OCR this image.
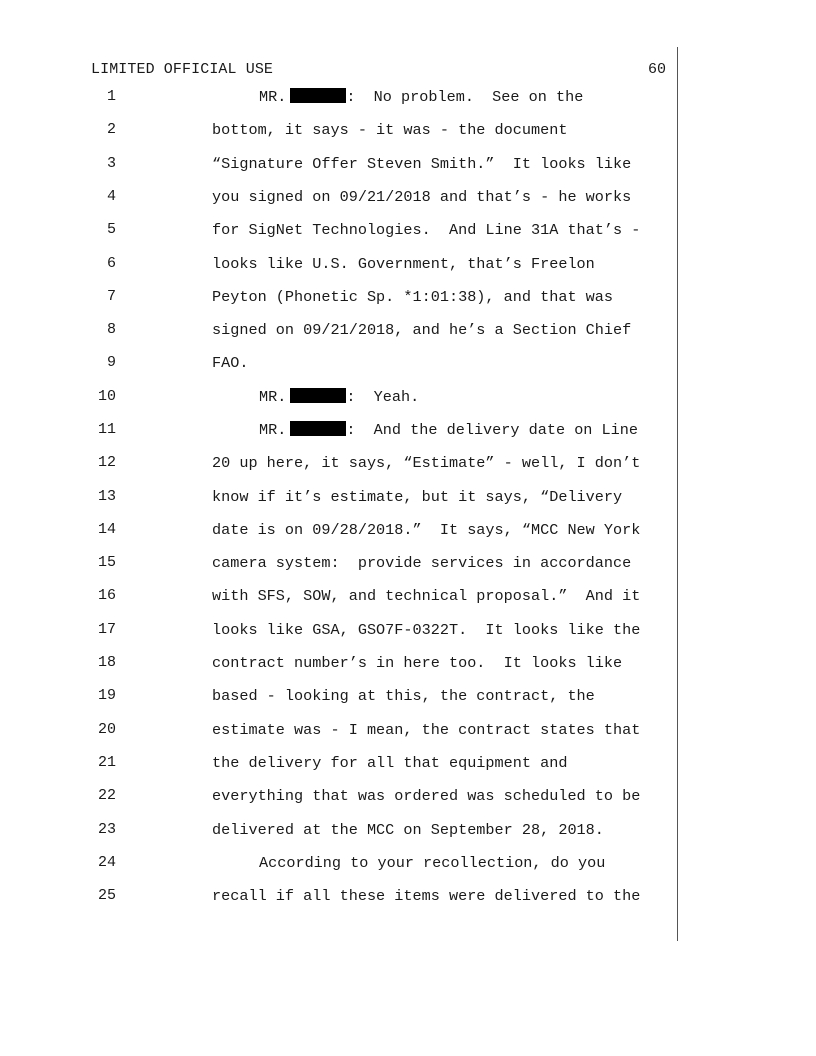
LIMITED OFFICIAL USE	60
1	MR.	:  No problem.  See on the
2	bottom, it says - it was - the document
3	“Signature Offer Steven Smith.”  It looks like
4	you signed on 09/21/2018 and that’s - he works
5	for SigNet Technologies.  And Line 31A that’s -
6	looks like U.S. Government, that’s Freelon
7	Peyton (Phonetic Sp. *1:01:38), and that was
8	signed on 09/21/2018, and he’s a Section Chief
9	FAO.
10	MR.	:  Yeah.
11	MR.	:  And the delivery date on Line
12	20 up here, it says, “Estimate” - well, I don’t
13	know if it’s estimate, but it says, “Delivery
14	date is on 09/28/2018.”  It says, “MCC New York
15	camera system:  provide services in accordance
16	with SFS, SOW, and technical proposal.”  And it
17	looks like GSA, GSO7F-0322T.  It looks like the
18	contract number’s in here too.  It looks like
19	based - looking at this, the contract, the
20	estimate was - I mean, the contract states that
21	the delivery for all that equipment and
22	everything that was ordered was scheduled to be
23	delivered at the MCC on September 28, 2018.
24	According to your recollection, do you
25	recall if all these items were delivered to the
